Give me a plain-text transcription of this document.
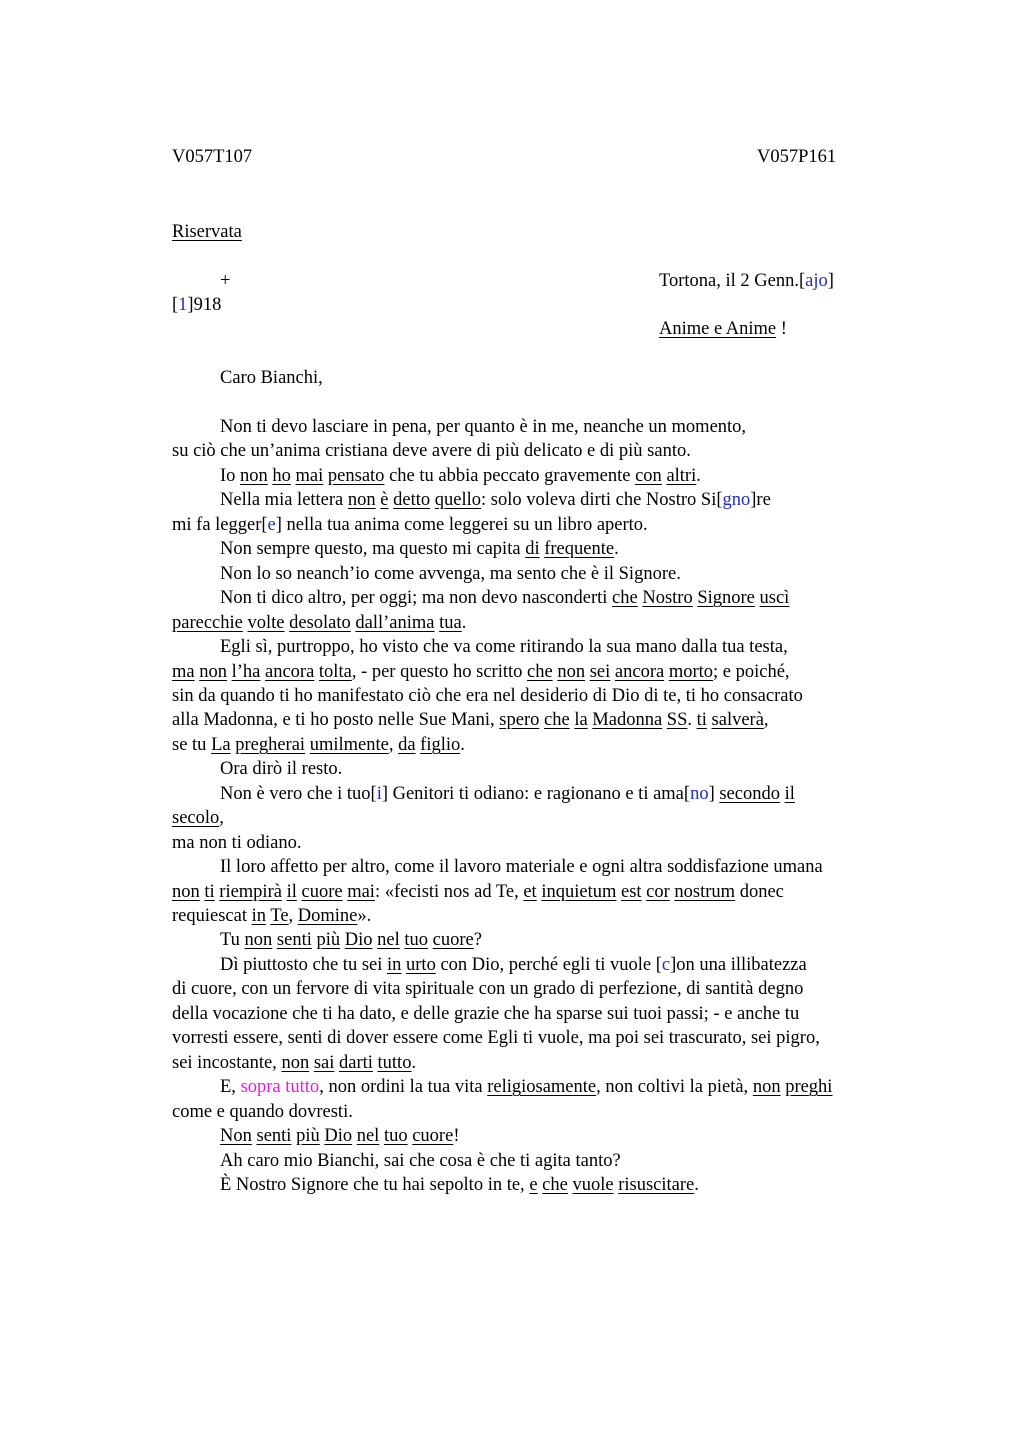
V057T107	V057P161
Riservata
+	Tortona, il 2 Genn.[ajo]
[1]918
Anime e Anime !
Caro Bianchi,
Non ti devo lasciare in pena, per quanto è in me, neanche un momento,
su ciò che un’anima cristiana deve avere di più delicato e di più santo.
Io non ho mai pensato che tu abbia peccato gravemente con altri.
Nella mia lettera non è detto quello: solo voleva dirti che Nostro Si[gno]re
mi fa legger[e] nella tua anima come leggerei su un libro aperto.
Non sempre questo, ma questo mi capita di frequente.
Non lo so neanch’io come avvenga, ma sento che è il Signore.
Non ti dico altro, per oggi; ma non devo nasconderti che Nostro Signore uscì
parecchie volte desolato dall’anima tua.
Egli sì, purtroppo, ho visto che va come ritirando la sua mano dalla tua testa,
ma non l’ha ancora tolta, - per questo ho scritto che non sei ancora morto; e poiché,
sin da quando ti ho manifestato ciò che era nel desiderio di Dio di te, ti ho consacrato
alla Madonna, e ti ho posto nelle Sue Mani, spero che la Madonna SS. ti salverà,
se tu La pregherai umilmente, da figlio.
Ora dirò il resto.
Non è vero che i tuo[i] Genitori ti odiano: e ragionano e ti ama[no] secondo il
secolo,
ma non ti odiano.
Il loro affetto per altro, come il lavoro materiale e ogni altra soddisfazione umana
non ti riempirà il cuore mai: «fecisti nos ad Te, et inquietum est cor nostrum donec
requiescat in Te, Domine».
Tu non senti più Dio nel tuo cuore?
Dì piuttosto che tu sei in urto con Dio, perché egli ti vuole [c]on una illibatezza
di cuore, con un fervore di vita spirituale con un grado di perfezione, di santità degno
della vocazione che ti ha dato, e delle grazie che ha sparse sui tuoi passi; - e anche tu
vorresti essere, senti di dover essere come Egli ti vuole, ma poi sei trascurato, sei pigro,
sei incostante, non sai darti tutto.
E, sopra tutto, non ordini la tua vita religiosamente, non coltivi la pietà, non preghi
come e quando dovresti.
Non senti più Dio nel tuo cuore!
Ah caro mio Bianchi, sai che cosa è che ti agita tanto?
È Nostro Signore che tu hai sepolto in te, e che vuole risuscitare.
